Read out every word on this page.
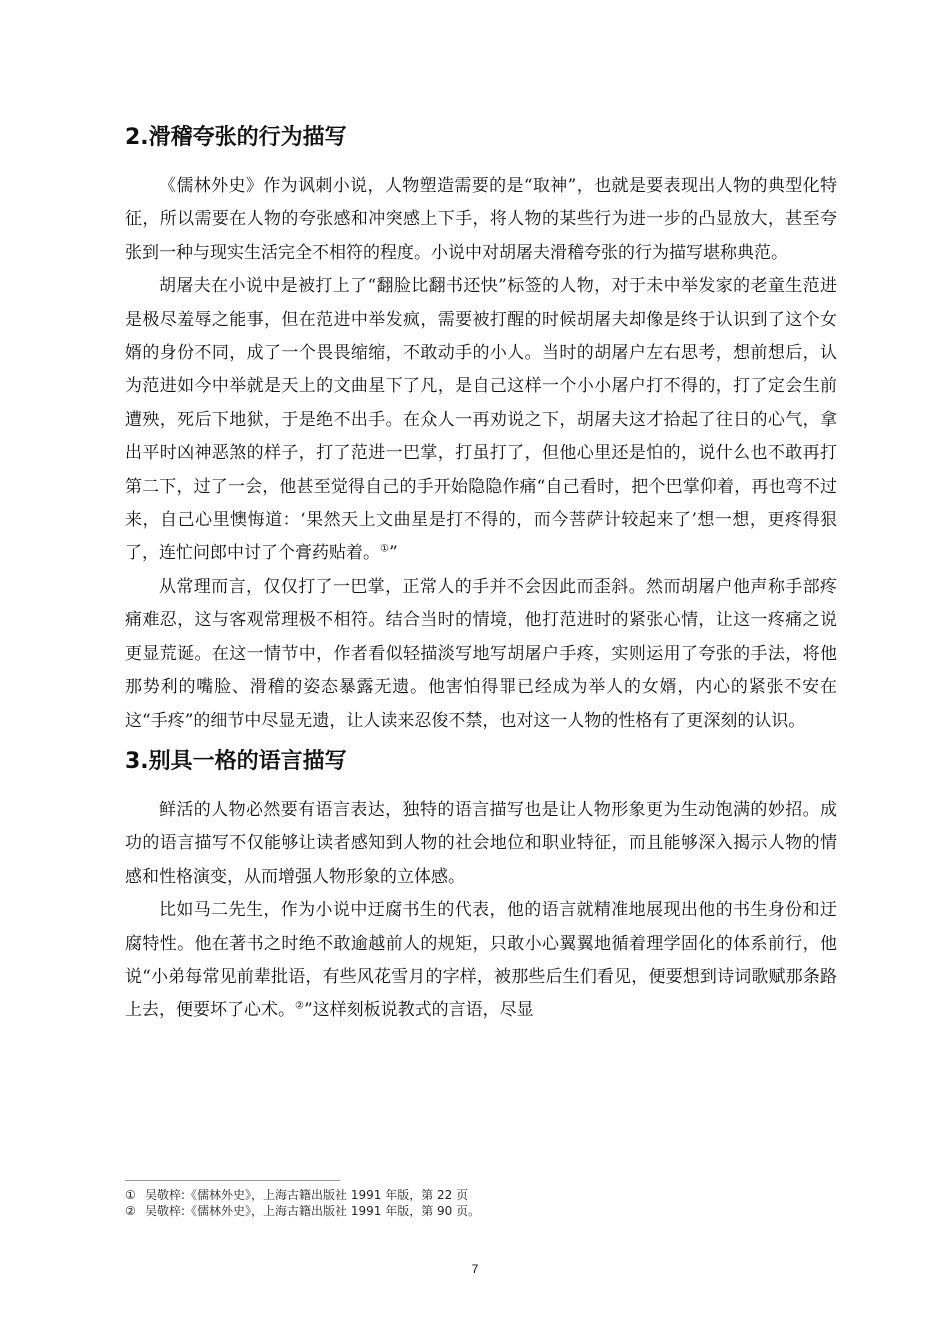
2.滑稽夸张的行为描写

《儒林外史》作为讽刺小说，人物塑造需要的是“取神”，也就是要表现出人物的典型化特征，所以需要在人物的夸张感和冲突感上下手，将人物的某些行为进一步的凸显放大，甚至夸张到一种与现实生活完全不相符的程度。小说中对胡屠夫滑稽夸张的行为描写堪称典范。

胡屠夫在小说中是被打上了“翻脸比翻书还快”标签的人物，对于未中举发家的老童生范进是极尽羞辱之能事，但在范进中举发疯，需要被打醒的时候胡屠夫却像是终于认识到了这个女婿的身份不同，成了一个畏畏缩缩，不敢动手的小人。当时的胡屠户左右思考，想前想后，认为范进如今中举就是天上的文曲星下了凡，是自己这样一个小小屠户打不得的，打了定会生前遭殃，死后下地狱，于是绝不出手。在众人一再劝说之下，胡屠夫这才拾起了往日的心气，拿出平时凶神恶煞的样子，打了范进一巴掌，打虽打了，但他心里还是怕的，说什么也不敢再打第二下，过了一会，他甚至觉得自己的手开始隐隐作痛“自己看时，把个巴掌仰着，再也弯不过来，自己心里懊悔道：‘果然天上文曲星是打不得的，而今菩萨计较起来了’想一想，更疼得狠了，连忙问郎中讨了个膏药贴着。①”

从常理而言，仅仅打了一巴掌，正常人的手并不会因此而歪斜。然而胡屠户他声称手部疼痛难忍，这与客观常理极不相符。结合当时的情境，他打范进时的紧张心情，让这一疼痛之说更显荒诞。在这一情节中，作者看似轻描淡写地写胡屠户手疼，实则运用了夸张的手法，将他那势利的嘴脸、滑稽的姿态暴露无遗。他害怕得罪已经成为举人的女婿，内心的紧张不安在这“手疼”的细节中尽显无遗，让人读来忍俊不禁，也对这一人物的性格有了更深刻的认识。

3.别具一格的语言描写

鲜活的人物必然要有语言表达，独特的语言描写也是让人物形象更为生动饱满的妙招。成功的语言描写不仅能够让读者感知到人物的社会地位和职业特征，而且能够深入揭示人物的情感和性格演变，从而增强人物形象的立体感。

比如马二先生，作为小说中迂腐书生的代表，他的语言就精准地展现出他的书生身份和迂腐特性。他在著书之时绝不敢逾越前人的规矩，只敢小心翼翼地循着理学固化的体系前行，他说“小弟每常见前辈批语，有些风花雪月的字样，被那些后生们看见，便要想到诗词歌赋那条路上去，便要坏了心术。②”这样刻板说教式的言语，尽显

① 吴敬梓:《儒林外史》，上海古籍出版社 1991 年版，第 22 页
② 吴敬梓:《儒林外史》，上海古籍出版社 1991 年版，第 90 页。
7
